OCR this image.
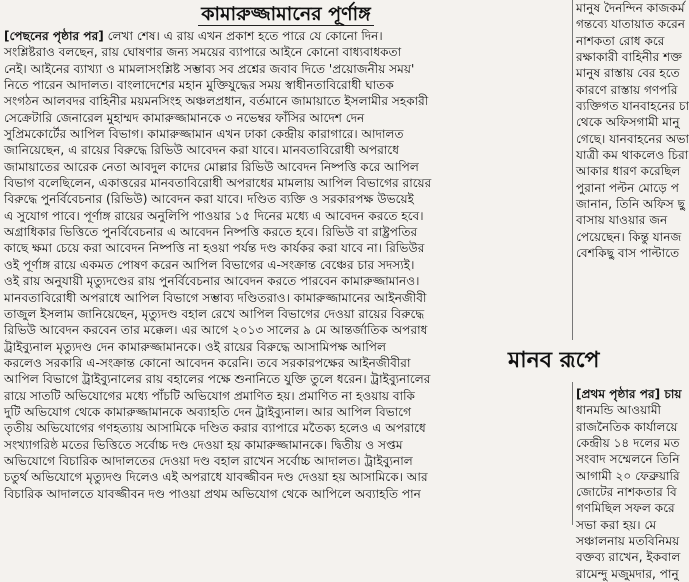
কামারুজ্জামানের পূর্ণাঙ্গ
[পেছনের পৃষ্ঠার পর] লেখা শেষ। এ রায় এখন প্রকাশ হতে পারে যে কোনো দিন।
সংশ্লিষ্টরাও বলছেন, রায় ঘোষণার জন্য সময়ের ব্যাপারে আইনে কোনো বাধ্যবাধকতা
নেই। আইনের ব্যাখ্যা ও মামলাসংশ্লিষ্ট সম্ভাব্য সব প্রশ্নের জবাব দিতে 'প্রয়োজনীয় সময়'
নিতে পারেন আদালত। বাংলাদেশের মহান মুক্তিযুদ্ধের সময় স্বাধীনতাবিরোধী ঘাতক
সংগঠন আলবদর বাহিনীর ময়মনসিংহ অঞ্চলপ্রধান, বর্তমানে জামায়াতে ইসলামীর সহকারী
সেক্রেটারি জেনারেল মুহাম্মদ কামারুজ্জামানকে ৩ নভেম্বর ফাঁসির আদেশ দেন
সুপ্রিমকোর্টের আপিল বিভাগ। কামারুজ্জামান এখন ঢাকা কেন্দ্রীয় কারাগারে। আদালত
জানিয়েছেন, এ রায়ের বিরুদ্ধে রিভিউ আবেদন করা যাবে। মানবতাবিরোধী অপরাধে
জামায়াতের আরেক নেতা আবদুল কাদের মোল্লার রিভিউ আবেদন নিষ্পত্তি করে আপিল
বিভাগ বলেছিলেন, একাত্তরের মানবতাবিরোধী অপরাধের মামলায় আপিল বিভাগের রায়ের
বিরুদ্ধে পুনর্বিবেচনার (রিভিউ) আবেদন করা যাবে। দণ্ডিত ব্যক্তি ও সরকারপক্ষ উভয়েই
এ সুযোগ পাবে। পূর্ণাঙ্গ রায়ের অনুলিপি পাওয়ার ১৫ দিনের মধ্যে এ আবেদন করতে হবে।
অগ্রাধিকার ভিত্তিতে পুনর্বিবেচনার এ আবেদন নিষ্পত্তি করতে হবে। রিভিউ বা রাষ্ট্রপতির
কাছে ক্ষমা চেয়ে করা আবেদন নিষ্পত্তি না হওয়া পর্যন্ত দণ্ড কার্যকর করা যাবে না। রিভিউর
ওই পূর্ণাঙ্গ রায়ে একমত পোষণ করেন আপিল বিভাগের এ-সংক্রান্ত বেঞ্চের চার সদস্যই।
ওই রায় অনুযায়ী মৃত্যুদণ্ডের রায় পুনর্বিবেচনার আবেদন করতে পারবেন কামারুজ্জামানও।
মানবতাবিরোধী অপরাধে আপিল বিভাগে সম্ভাব্য দণ্ডিতরাও। কামারুজ্জামানের আইনজীবী
তাজুল ইসলাম জানিয়েছেন, মৃত্যুদণ্ড বহাল রেখে আপিল বিভাগের দেওয়া রায়ের বিরুদ্ধে
রিভিউ আবেদন করবেন তার মক্কেল। এর আগে ২০১৩ সালের ৯ মে আন্তর্জাতিক অপরাধ
ট্রাইব্যুনাল মৃত্যুদণ্ড দেন কামারুজ্জামানকে। ওই রায়ের বিরুদ্ধে আসামিপক্ষ আপিল
করলেও সরকারি এ-সংক্রান্ত কোনো আবেদন করেনি। তবে সরকারপক্ষের আইনজীবীরা
আপিল বিভাগে ট্রাইব্যুনালের রায় বহালের পক্ষে শুনানিতে যুক্তি তুলে ধরেন। ট্রাইব্যুনালের
রায়ে সাতটি অভিযোগের মধ্যে পাঁচটি অভিযোগ প্রমাণিত হয়। প্রমাণিত না হওয়ায় বাকি
দুটি অভিযোগ থেকে কামারুজ্জামানকে অব্যাহতি দেন ট্রাইব্যুনাল। আর আপিল বিভাগে
তৃতীয় অভিযোগের গণহত্যায় আসামিকে দণ্ডিত করার ব্যাপারে মতৈক্য হলেও এ অপরাধে
সংখ্যাগরিষ্ঠ মতের ভিত্তিতে সর্বোচ্চ দণ্ড দেওয়া হয় কামারুজ্জামানকে। দ্বিতীয় ও সপ্তম
অভিযোগে বিচারিক আদালতের দেওয়া দণ্ড বহাল রাখেন সর্বোচ্চ আদালত। ট্রাইব্যুনাল
চতুর্থ অভিযোগে মৃত্যুদণ্ড দিলেও এই অপরাধে যাবজ্জীবন দণ্ড দেওয়া হয় আসামিকে। আর
বিচারিক আদালতে যাবজ্জীবন দণ্ড পাওয়া প্রথম অভিযোগ থেকে আপিলে অব্যাহতি পান
মানুষ দৈনন্দিন কাজকর্ম
গন্তব্যে যাতায়াত করেন
নাশকতা রোধ করে
রক্ষাকারী বাহিনীর শক্ত
মানুষ রাস্তায় বের হতে
কারণে রাস্তায় গণপরি
ব্যক্তিগত যানবাহনের চা
থেকে অফিসগামী মানু
গেছে। যানবাহনের অভা
যাত্রী কম থাকলেও চিরা
আকার ধারণ করেছিল
পুরানা পল্টন মোড়ে প
জানান, তিনি অফিস ছু
বাসায় যাওয়ার জন
পেয়েছেন। কিন্তু যানজ
বেশকিছু বাস পাল্টাতে
[প্রথম পৃষ্ঠার পর] চায়
ধানমন্ডি আওয়ামী
রাজনৈতিক কার্যালয়ে
কেন্দ্রীয় ১৪ দলের মত
সংবাদ সম্মেলনে তিনি
আগামী ২০ ফেব্রুয়ারি
জোটের নাশকতার বি
গণমিছিল সফল করে
সভা করা হয়। মে
সঞ্চালনায় মতবিনিময়
বক্তব্য রাখেন, ইকবাল
রামেন্দু মজুমদার, পানু
মানব রূপে
